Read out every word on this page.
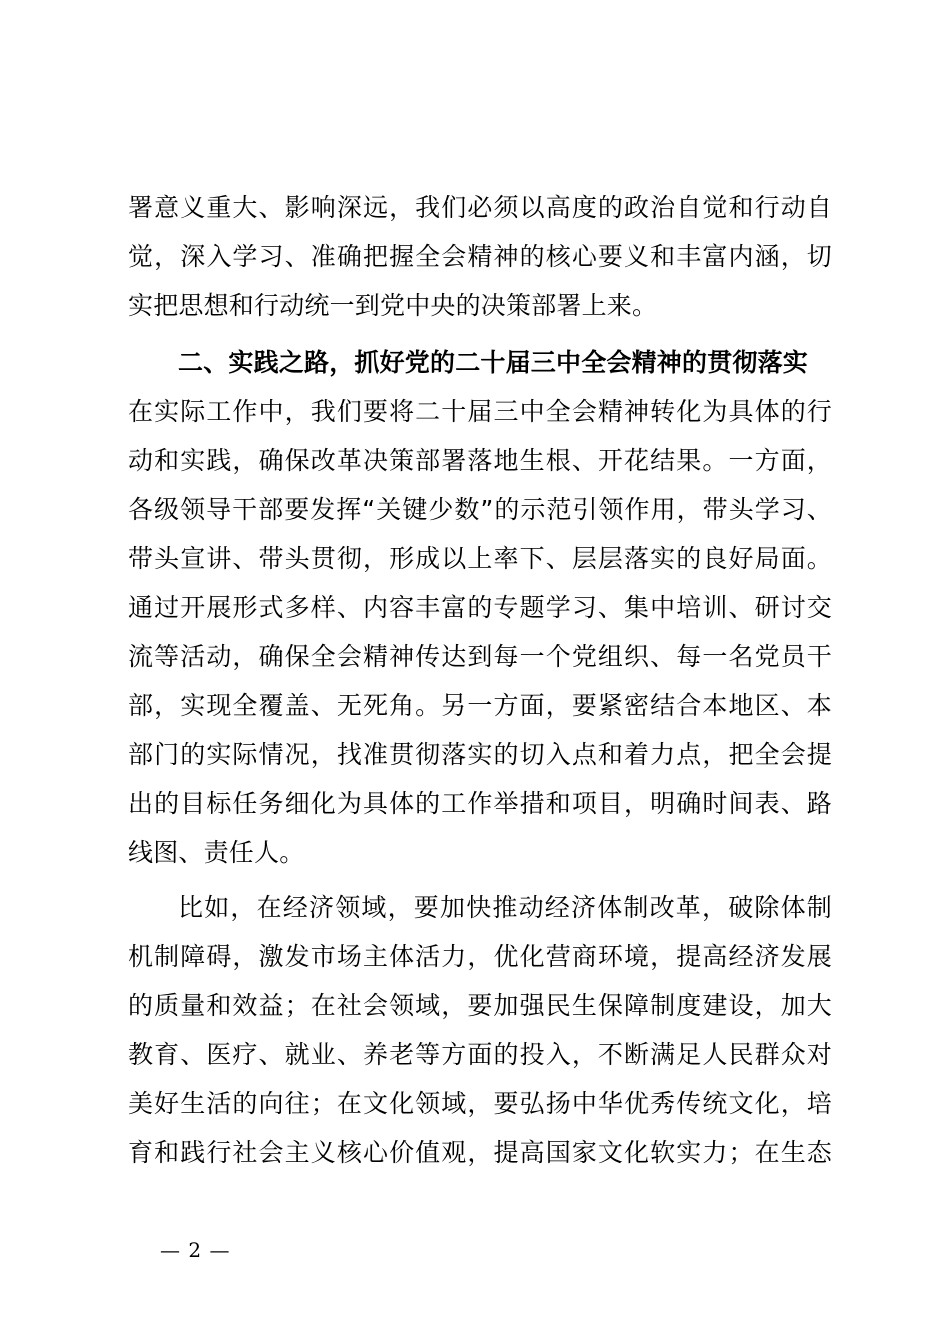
署意义重大、影响深远，我们必须以高度的政治自觉和行动自
觉，深入学习、准确把握全会精神的核心要义和丰富内涵，切
实把思想和行动统一到党中央的决策部署上来。

二、实践之路，抓好党的二十届三中全会精神的贯彻落实

在实际工作中，我们要将二十届三中全会精神转化为具体的行
动和实践，确保改革决策部署落地生根、开花结果。一方面，
各级领导干部要发挥“关键少数”的示范引领作用，带头学习、
带头宣讲、带头贯彻，形成以上率下、层层落实的良好局面。
通过开展形式多样、内容丰富的专题学习、集中培训、研讨交
流等活动，确保全会精神传达到每一个党组织、每一名党员干
部，实现全覆盖、无死角。另一方面，要紧密结合本地区、本
部门的实际情况，找准贯彻落实的切入点和着力点，把全会提
出的目标任务细化为具体的工作举措和项目，明确时间表、路
线图、责任人。

比如，在经济领域，要加快推动经济体制改革，破除体制
机制障碍，激发市场主体活力，优化营商环境，提高经济发展
的质量和效益；在社会领域，要加强民生保障制度建设，加大
教育、医疗、就业、养老等方面的投入，不断满足人民群众对
美好生活的向往；在文化领域，要弘扬中华优秀传统文化，培
育和践行社会主义核心价值观，提高国家文化软实力；在生态

— 2 —
